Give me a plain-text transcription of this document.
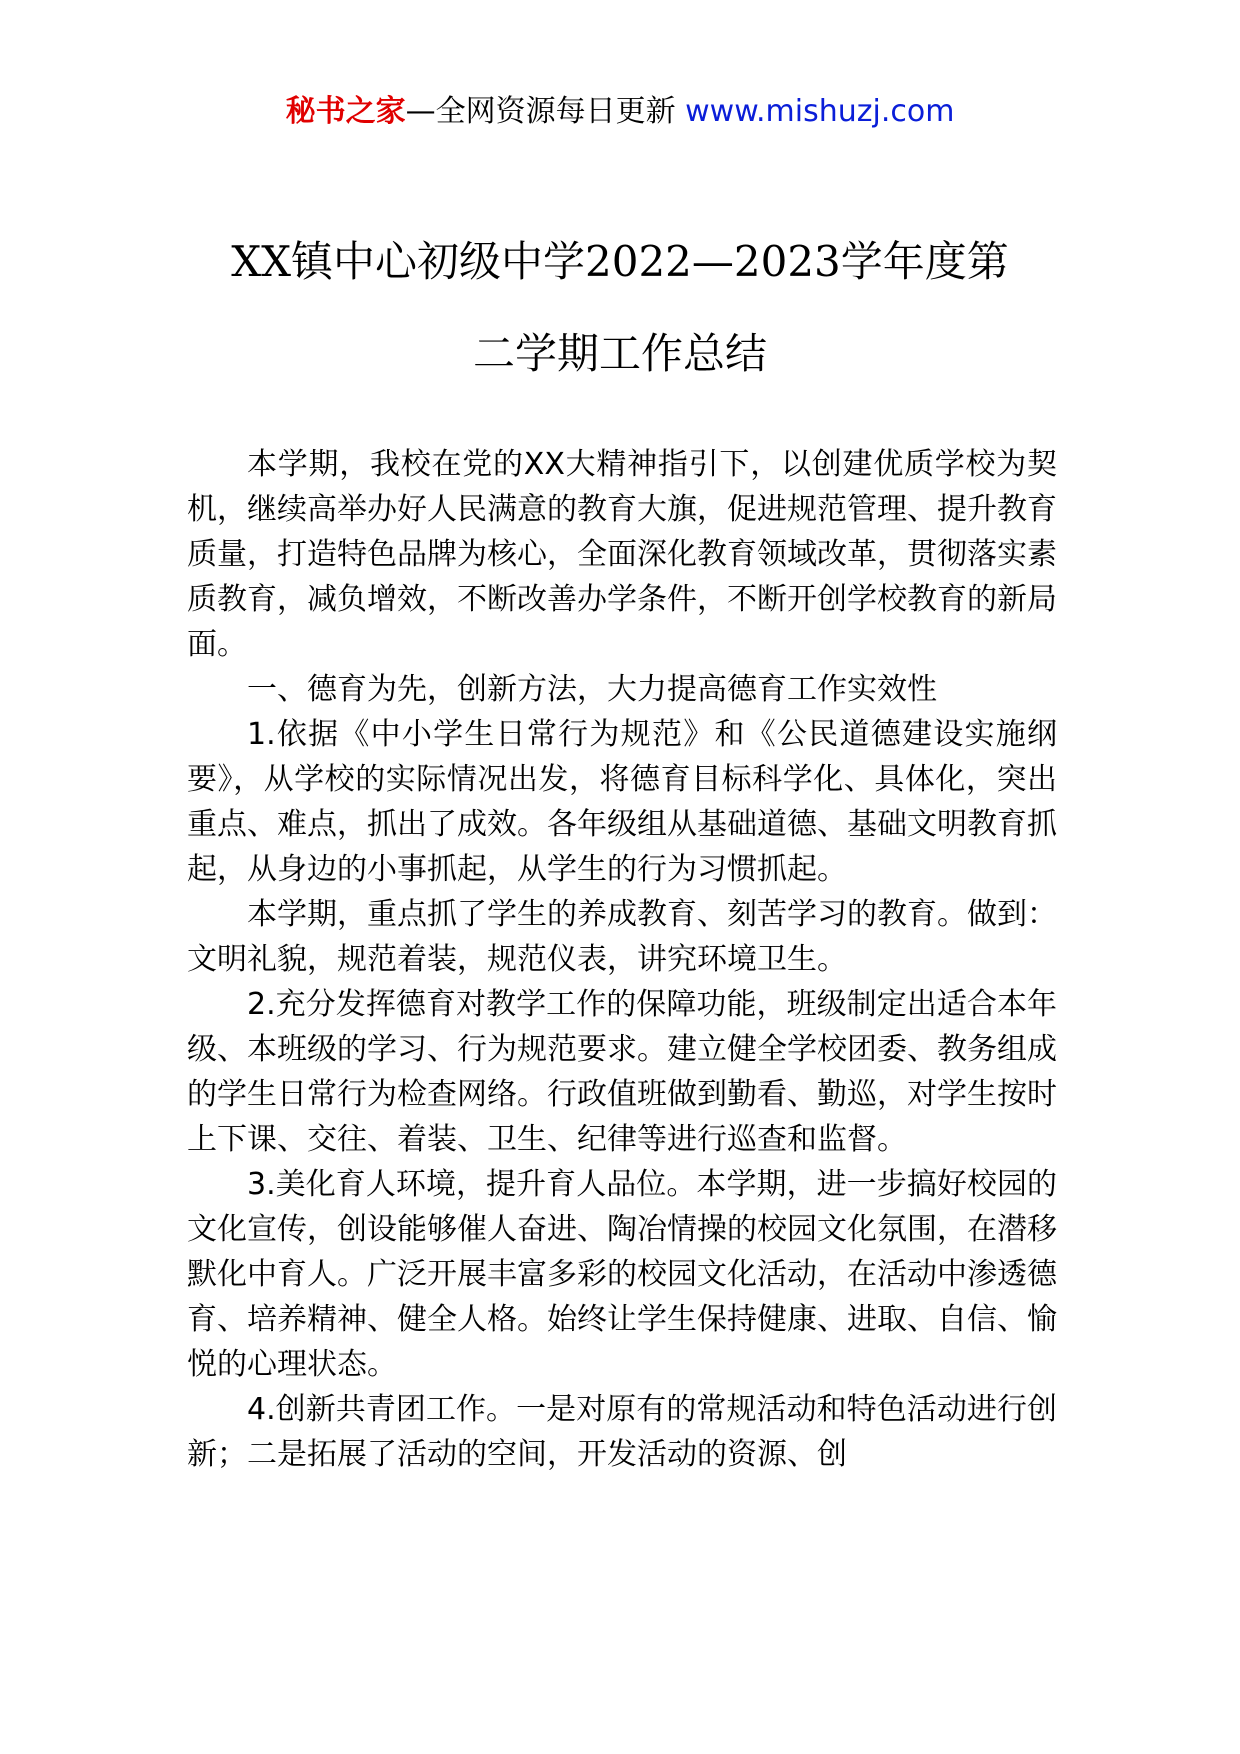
秘书之家—全网资源每日更新 www.mishuzj.com
XX镇中心初级中学2022—2023学年度第
二学期工作总结

本学期，我校在党的XX大精神指引下，以创建优质学校为契机，继续高举办好人民满意的教育大旗，促进规范管理、提升教育质量，打造特色品牌为核心，全面深化教育领域改革，贯彻落实素质教育，减负增效，不断改善办学条件，不断开创学校教育的新局面。

一、德育为先，创新方法，大力提高德育工作实效性

1.依据《中小学生日常行为规范》和《公民道德建设实施纲要》，从学校的实际情况出发，将德育目标科学化、具体化，突出重点、难点，抓出了成效。各年级组从基础道德、基础文明教育抓起，从身边的小事抓起，从学生的行为习惯抓起。

本学期，重点抓了学生的养成教育、刻苦学习的教育。做到：文明礼貌，规范着装，规范仪表，讲究环境卫生。

2.充分发挥德育对教学工作的保障功能，班级制定出适合本年级、本班级的学习、行为规范要求。建立健全学校团委、教务组成的学生日常行为检查网络。行政值班做到勤看、勤巡，对学生按时上下课、交往、着装、卫生、纪律等进行巡查和监督。

3.美化育人环境，提升育人品位。本学期，进一步搞好校园的文化宣传，创设能够催人奋进、陶冶情操的校园文化氛围，在潜移默化中育人。广泛开展丰富多彩的校园文化活动，在活动中渗透德育、培养精神、健全人格。始终让学生保持健康、进取、自信、愉悦的心理状态。

4.创新共青团工作。一是对原有的常规活动和特色活动进行创新；二是拓展了活动的空间，开发活动的资源、创
